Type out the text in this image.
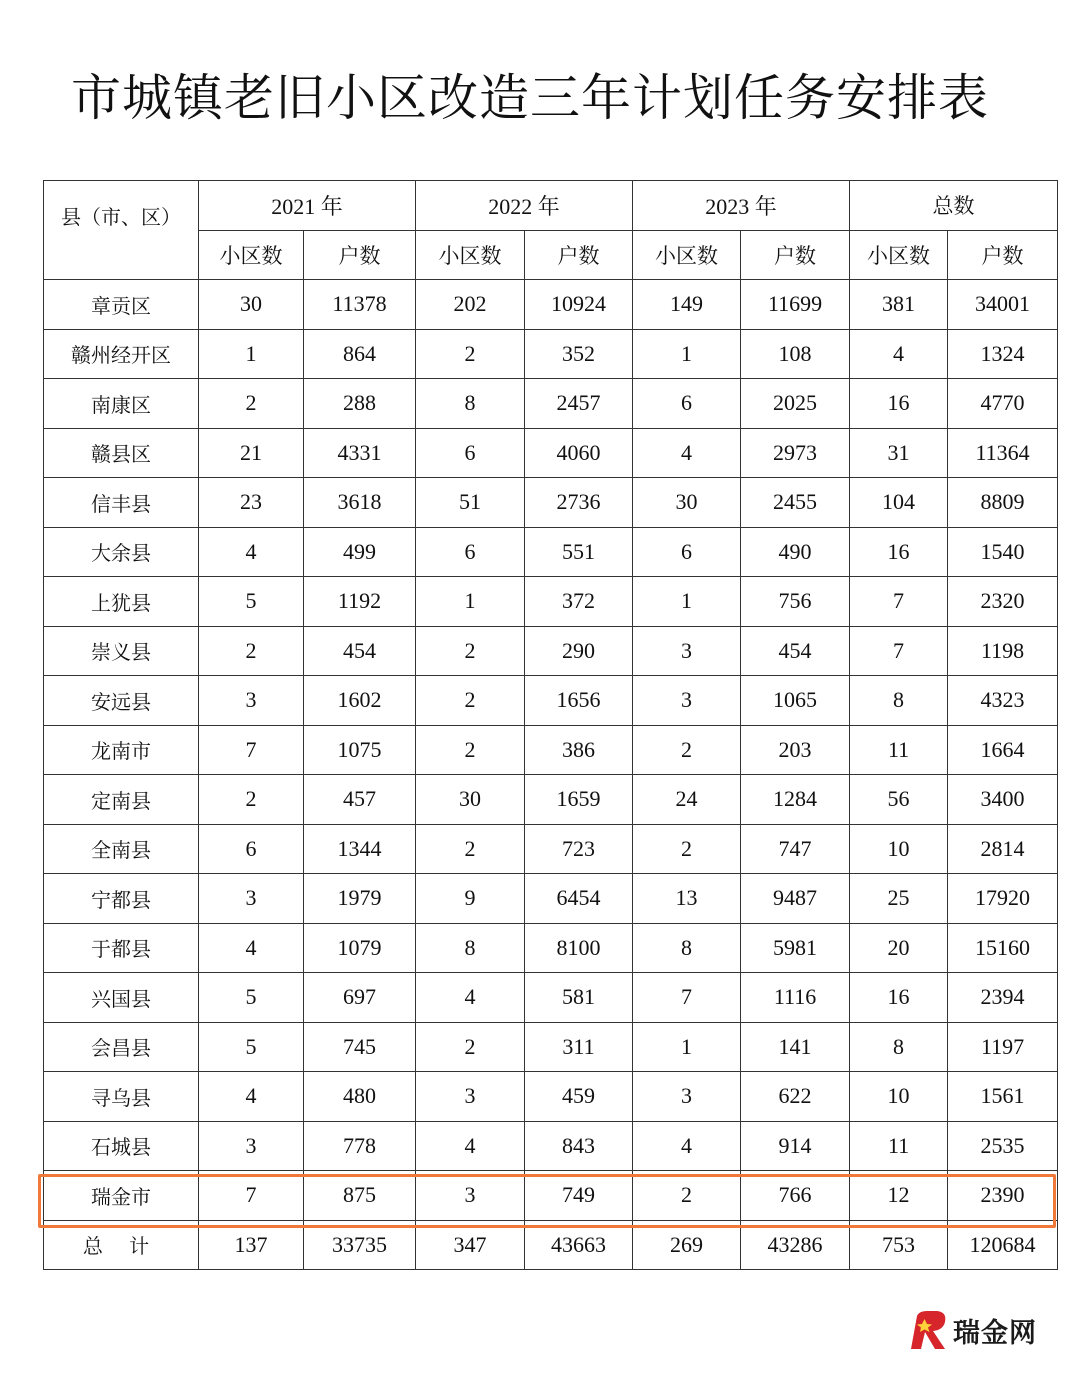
市城镇老旧小区改造三年计划任务安排表
县（市、区）	2021 年		2022 年		2023 年		总数	
	小区数	户数	小区数	户数	小区数	户数	小区数	户数
章贡区	30	11378	202	10924	149	11699	381	34001
赣州经开区	1	864	2	352	1	108	4	1324
南康区	2	288	8	2457	6	2025	16	4770
赣县区	21	4331	6	4060	4	2973	31	11364
信丰县	23	3618	51	2736	30	2455	104	8809
大余县	4	499	6	551	6	490	16	1540
上犹县	5	1192	1	372	1	756	7	2320
崇义县	2	454	2	290	3	454	7	1198
安远县	3	1602	2	1656	3	1065	8	4323
龙南市	7	1075	2	386	2	203	11	1664
定南县	2	457	30	1659	24	1284	56	3400
全南县	6	1344	2	723	2	747	10	2814
宁都县	3	1979	9	6454	13	9487	25	17920
于都县	4	1079	8	8100	8	5981	20	15160
兴国县	5	697	4	581	7	1116	16	2394
会昌县	5	745	2	311	1	141	8	1197
寻乌县	4	480	3	459	3	622	10	1561
石城县	3	778	4	843	4	914	11	2535
瑞金市	7	875	3	749	2	766	12	2390
总 计	137	33735	347	43663	269	43286	753	120684
瑞金网
